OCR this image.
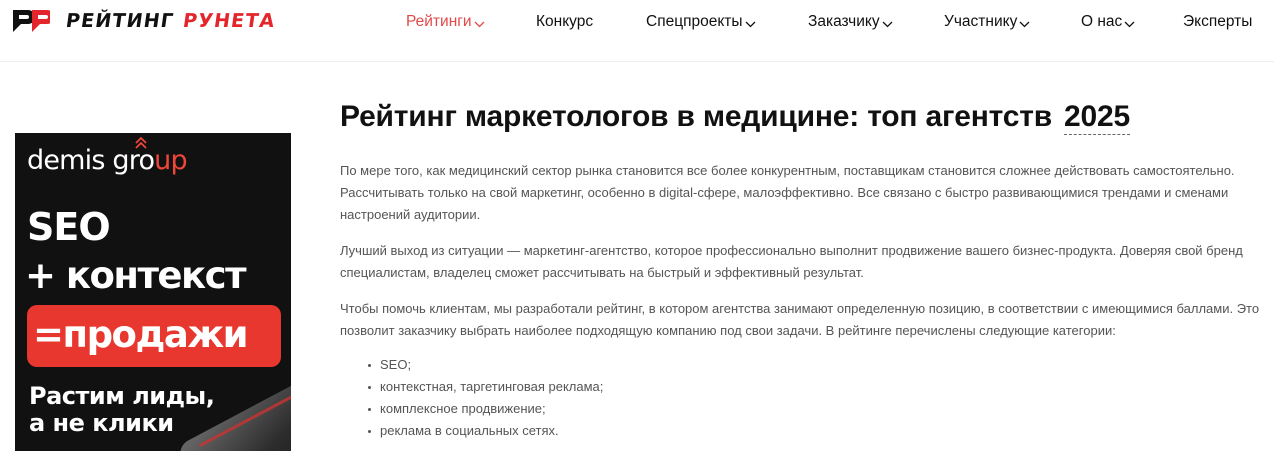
РЕЙТИНГ РУНЕТА	Рейтинги	Конкурс	Спецпроекты	Заказчику	Участнику	О нас	Эксперты
demis group
SEO
+ контекст
=продажи
Растим лиды,
а не клики
Рейтинг маркетологов в медицине: топ агентств 2025

По мере того, как медицинский сектор рынка становится все более конкурентным, поставщикам становится сложнее действовать самостоятельно. Рассчитывать только на свой маркетинг, особенно в digital-сфере, малоэффективно. Все связано с быстро развивающимися трендами и сменами настроений аудитории.

Лучший выход из ситуации — маркетинг-агентство, которое профессионально выполнит продвижение вашего бизнес-продукта. Доверяя свой бренд специалистам, владелец сможет рассчитывать на быстрый и эффективный результат.

Чтобы помочь клиентам, мы разработали рейтинг, в котором агентства занимают определенную позицию, в соответствии с имеющимися баллами. Это позволит заказчику выбрать наиболее подходящую компанию под свои задачи. В рейтинге перечислены следующие категории:

SEO;
контекстная, таргетинговая реклама;
комплексное продвижение;
реклама в социальных сетях.
